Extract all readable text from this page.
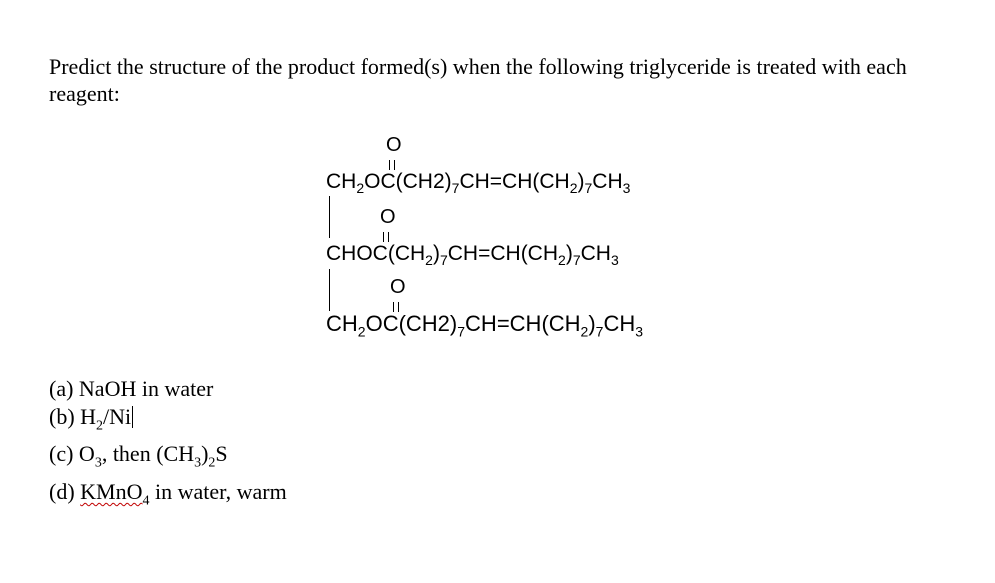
Predict the structure of the product formed(s) when the following triglyceride is treated with each reagent:

O
$CH_2OC(CH2)_7CH=CH(CH_2)_7CH_3$
O
$CHOC(CH_2)_7CH=CH(CH_2)_7CH_3$
O
$CH_2OC(CH2)_7CH=CH(CH_2)_7CH_3$
(a) NaOH in water
(b) $H_2/Ni$
(c) $O_3$, then $(CH_3)_2S$
(d) KMnO$_4$ in water, warm
